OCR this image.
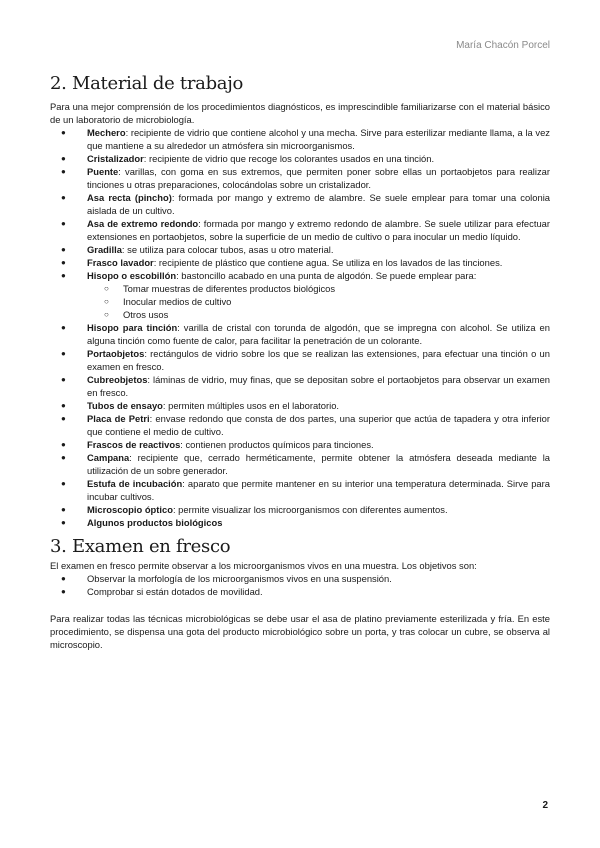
María Chacón Porcel
2. Material de trabajo

Para una mejor comprensión de los procedimientos diagnósticos, es imprescindible familiarizarse con el material básico de un laboratorio de microbiología.

● Mechero: recipiente de vidrio que contiene alcohol y una mecha. Sirve para esterilizar mediante llama, a la vez que mantiene a su alrededor un atmósfera sin microorganismos.
● Cristalizador: recipiente de vidrio que recoge los colorantes usados en una tinción.
● Puente: varillas, con goma en sus extremos, que permiten poner sobre ellas un portaobjetos para realizar tinciones u otras preparaciones, colocándolas sobre un cristalizador.
● Asa recta (pincho): formada por mango y extremo de alambre. Se suele emplear para tomar una colonia aislada de un cultivo.
● Asa de extremo redondo: formada por mango y extremo redondo de alambre. Se suele utilizar para efectuar extensiones en portaobjetos, sobre la superficie de un medio de cultivo o para inocular un medio líquido.
● Gradilla: se utiliza para colocar tubos, asas u otro material.
● Frasco lavador: recipiente de plástico que contiene agua. Se utiliza en los lavados de las tinciones.
● Hisopo o escobillón: bastoncillo acabado en una punta de algodón. Se puede emplear para:
○ Tomar muestras de diferentes productos biológicos
○ Inocular medios de cultivo
○ Otros usos
● Hisopo para tinción: varilla de cristal con torunda de algodón, que se impregna con alcohol. Se utiliza en alguna tinción como fuente de calor, para facilitar la penetración de un colorante.
● Portaobjetos: rectángulos de vidrio sobre los que se realizan las extensiones, para efectuar una tinción o un examen en fresco.
● Cubreobjetos: láminas de vidrio, muy finas, que se depositan sobre el portaobjetos para observar un examen en fresco.
● Tubos de ensayo: permiten múltiples usos en el laboratorio.
● Placa de Petri: envase redondo que consta de dos partes, una superior que actúa de tapadera y otra inferior que contiene el medio de cultivo.
● Frascos de reactivos: contienen productos químicos para tinciones.
● Campana: recipiente que, cerrado herméticamente, permite obtener la atmósfera deseada mediante la utilización de un sobre generador.
● Estufa de incubación: aparato que permite mantener en su interior una temperatura determinada. Sirve para incubar cultivos.
● Microscopio óptico: permite visualizar los microorganismos con diferentes aumentos.
● Algunos productos biológicos
3. Examen en fresco

El examen en fresco permite observar a los microorganismos vivos en una muestra. Los objetivos son:

● Observar la morfología de los microorganismos vivos en una suspensión.
● Comprobar si están dotados de movilidad.

Para realizar todas las técnicas microbiológicas se debe usar el asa de platino previamente esterilizada y fría. En este procedimiento, se dispensa una gota del producto microbiológico sobre un porta, y tras colocar un cubre, se observa al microscopio.

2
